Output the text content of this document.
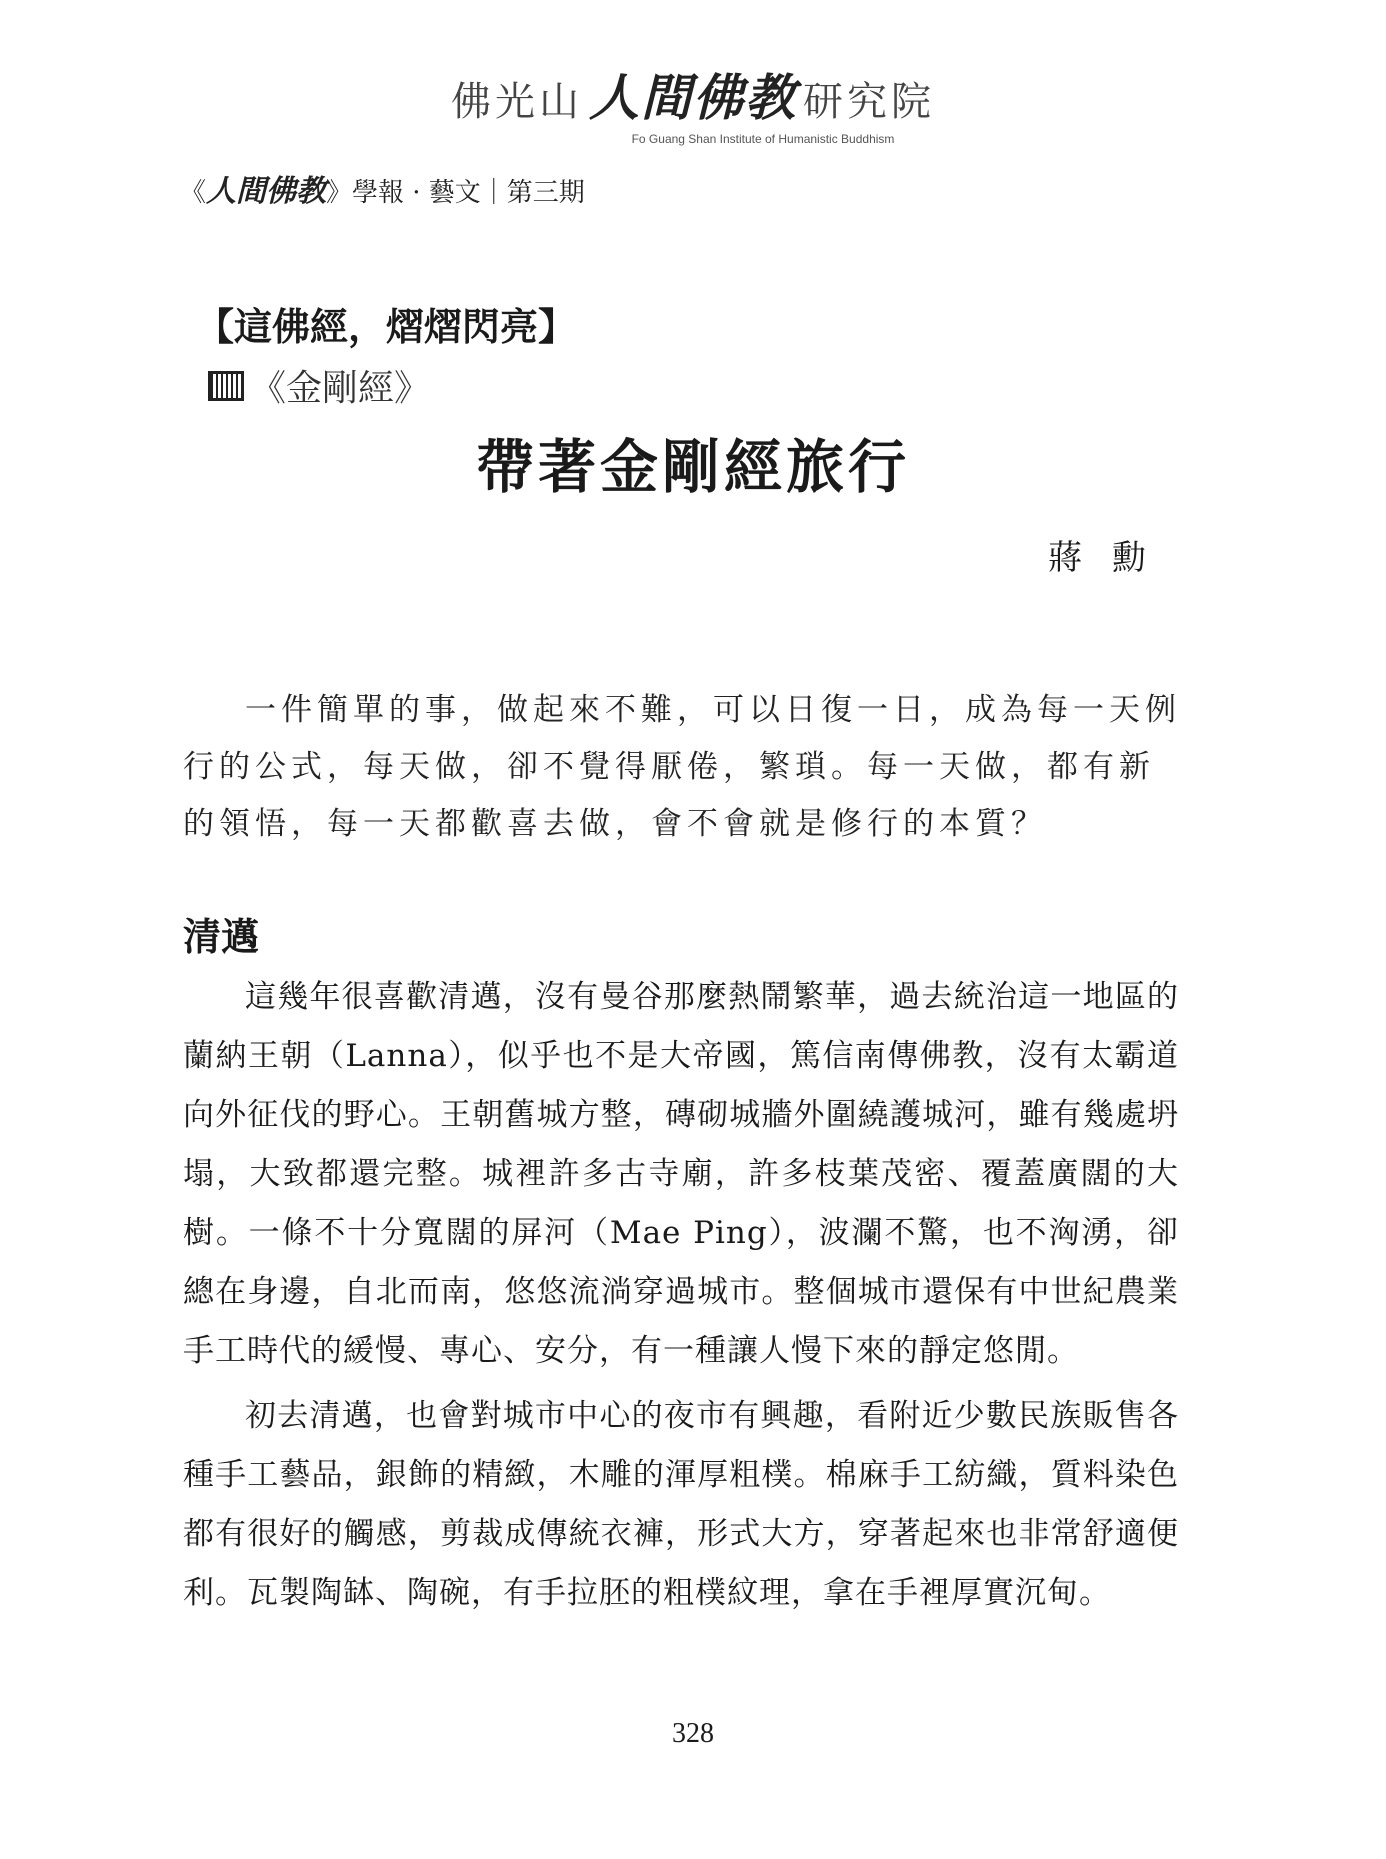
佛光山 人間佛教 研究院
Fo Guang Shan Institute of Humanistic Buddhism
《人間佛教》學報 · 藝文｜第三期
【這佛經，熠熠閃亮】
《金剛經》
帶著金剛經旅行
蔣勳

一件簡單的事，做起來不難，可以日復一日，成為每一天例行的公式，每天做，卻不覺得厭倦，繁瑣。每一天做，都有新的領悟，每一天都歡喜去做，會不會就是修行的本質？

清邁

這幾年很喜歡清邁，沒有曼谷那麼熱鬧繁華，過去統治這一地區的蘭納王朝（Lanna），似乎也不是大帝國，篤信南傳佛教，沒有太霸道向外征伐的野心。王朝舊城方整，磚砌城牆外圍繞護城河，雖有幾處坍塌，大致都還完整。城裡許多古寺廟，許多枝葉茂密、覆蓋廣闊的大樹。一條不十分寬闊的屏河（Mae Ping），波瀾不驚，也不洶湧，卻總在身邊，自北而南，悠悠流淌穿過城市。整個城市還保有中世紀農業手工時代的緩慢、專心、安分，有一種讓人慢下來的靜定悠閒。

初去清邁，也會對城市中心的夜市有興趣，看附近少數民族販售各種手工藝品，銀飾的精緻，木雕的渾厚粗樸。棉麻手工紡織，質料染色都有很好的觸感，剪裁成傳統衣褲，形式大方，穿著起來也非常舒適便利。瓦製陶缽、陶碗，有手拉胚的粗樸紋理，拿在手裡厚實沉甸。

328
